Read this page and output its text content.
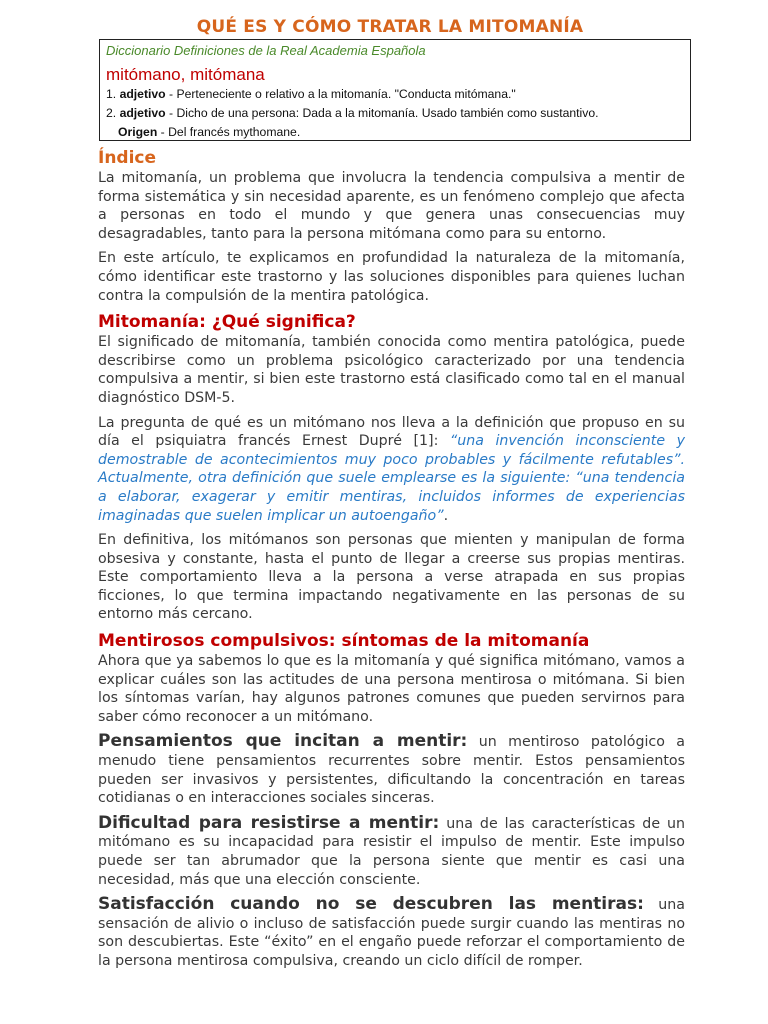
QUÉ ES Y CÓMO TRATAR LA MITOMANÍA
Diccionario Definiciones de la Real Academia Española
mitómano, mitómana
1. adjetivo - Perteneciente o relativo a la mitomanía. "Conducta mitómana."
2. adjetivo - Dicho de una persona: Dada a la mitomanía. Usado también como sustantivo.
Origen - Del francés mythomane.
Índice

La mitomanía, un problema que involucra la tendencia compulsiva a mentir de forma sistemática y sin necesidad aparente, es un fenómeno complejo que afecta a personas en todo el mundo y que genera unas consecuencias muy desagradables, tanto para la persona mitómana como para su entorno.

En este artículo, te explicamos en profundidad la naturaleza de la mitomanía, cómo identificar este trastorno y las soluciones disponibles para quienes luchan contra la compulsión de la mentira patológica.

Mitomanía: ¿Qué significa?

El significado de mitomanía, también conocida como mentira patológica, puede describirse como un problema psicológico caracterizado por una tendencia compulsiva a mentir, si bien este trastorno está clasificado como tal en el manual diagnóstico DSM-5.

La pregunta de qué es un mitómano nos lleva a la definición que propuso en su día el psiquiatra francés Ernest Dupré [1]: “una invención inconsciente y demostrable de acontecimientos muy poco probables y fácilmente refutables”. Actualmente, otra definición que suele emplearse es la siguiente: “una tendencia a elaborar, exagerar y emitir mentiras, incluidos informes de experiencias imaginadas que suelen implicar un autoengaño”.

En definitiva, los mitómanos son personas que mienten y manipulan de forma obsesiva y constante, hasta el punto de llegar a creerse sus propias mentiras. Este comportamiento lleva a la persona a verse atrapada en sus propias ficciones, lo que termina impactando negativamente en las personas de su entorno más cercano.

Mentirosos compulsivos: síntomas de la mitomanía

Ahora que ya sabemos lo que es la mitomanía y qué significa mitómano, vamos a explicar cuáles son las actitudes de una persona mentirosa o mitómana. Si bien los síntomas varían, hay algunos patrones comunes que pueden servirnos para saber cómo reconocer a un mitómano.

Pensamientos que incitan a mentir: un mentiroso patológico a menudo tiene pensamientos recurrentes sobre mentir. Estos pensamientos pueden ser invasivos y persistentes, dificultando la concentración en tareas cotidianas o en interacciones sociales sinceras.

Dificultad para resistirse a mentir: una de las características de un mitómano es su incapacidad para resistir el impulso de mentir. Este impulso puede ser tan abrumador que la persona siente que mentir es casi una necesidad, más que una elección consciente.

Satisfacción cuando no se descubren las mentiras: una sensación de alivio o incluso de satisfacción puede surgir cuando las mentiras no son descubiertas. Este “éxito” en el engaño puede reforzar el comportamiento de la persona mentirosa compulsiva, creando un ciclo difícil de romper.
